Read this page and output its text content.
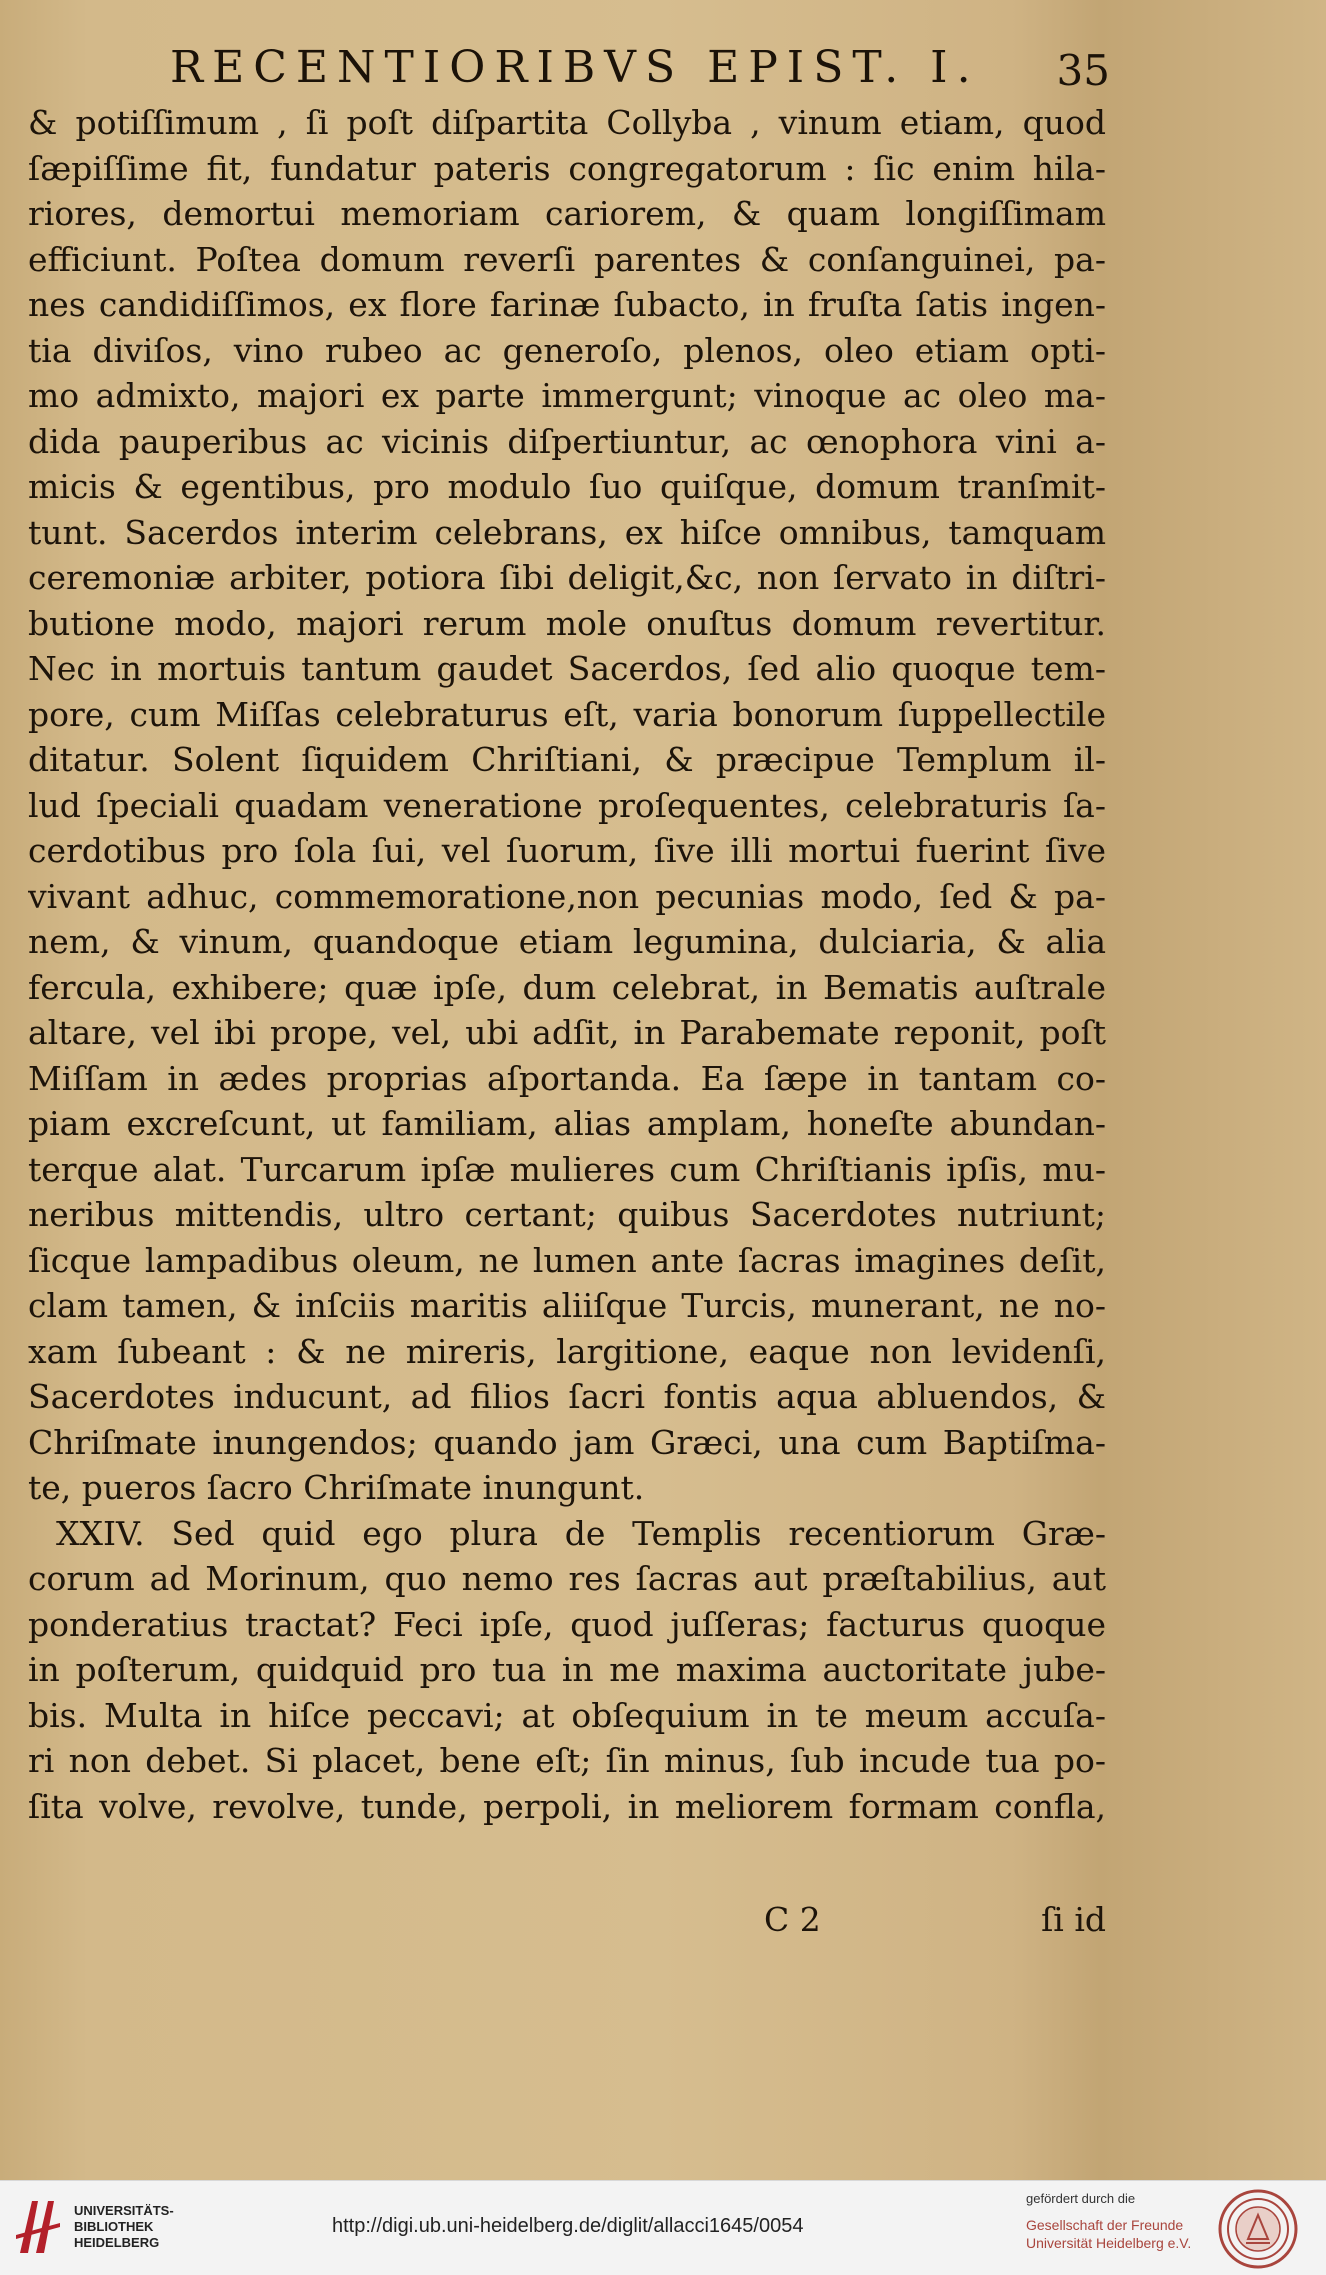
RECENTIORIBVS EPIST. I. 35
& potiſſimum , ſi poſt diſpartita Collyba , vinum etiam, quod
ſæpiſſime fit, fundatur pateris congregatorum : ſic enim hila-
riores, demortui memoriam cariorem, & quam longiſſimam
efficiunt. Poſtea domum reverſi parentes & conſanguinei, pa-
nes candidiſſimos, ex flore farinæ ſubacto, in fruſta ſatis ingen-
tia diviſos, vino rubeo ac generoſo, plenos, oleo etiam opti-
mo admixto, majori ex parte immergunt; vinoque ac oleo ma-
dida pauperibus ac vicinis diſpertiuntur, ac œnophora vini a-
micis & egentibus, pro modulo ſuo quiſque, domum tranſmit-
tunt. Sacerdos interim celebrans, ex hiſce omnibus, tamquam
ceremoniæ arbiter, potiora ſibi deligit,&c, non ſervato in diſtri-
butione modo, majori rerum mole onuſtus domum revertitur.
Nec in mortuis tantum gaudet Sacerdos, ſed alio quoque tem-
pore, cum Miſſas celebraturus eſt, varia bonorum ſuppellectile
ditatur. Solent ſiquidem Chriſtiani, & præcipue Templum il-
lud ſpeciali quadam veneratione proſequentes, celebraturis ſa-
cerdotibus pro ſola ſui, vel ſuorum, ſive illi mortui fuerint ſive
vivant adhuc, commemoratione,non pecunias modo, ſed & pa-
nem, & vinum, quandoque etiam legumina, dulciaria, & alia
fercula, exhibere; quæ ipſe, dum celebrat, in Bematis auſtrale
altare, vel ibi prope, vel, ubi adſit, in Parabemate reponit, poſt
Miſſam in ædes proprias aſportanda. Ea ſæpe in tantam co-
piam excreſcunt, ut familiam, alias amplam, honeſte abundan-
terque alat. Turcarum ipſæ mulieres cum Chriſtianis ipſis, mu-
neribus mittendis, ultro certant; quibus Sacerdotes nutriunt;
ſicque lampadibus oleum, ne lumen ante ſacras imagines deſit,
clam tamen, & inſciis maritis aliiſque Turcis, munerant, ne no-
xam ſubeant : & ne mireris, largitione, eaque non levidenſi,
Sacerdotes inducunt, ad filios ſacri fontis aqua abluendos, &
Chriſmate inungendos; quando jam Græci, una cum Baptiſma-
te, pueros ſacro Chriſmate inungunt.
XXIV. Sed quid ego plura de Templis recentiorum Græ-
corum ad Morinum, quo nemo res ſacras aut præſtabilius, aut
ponderatius tractat? Feci ipſe, quod juſſeras; facturus quoque
in poſterum, quidquid pro tua in me maxima auctoritate jube-
bis. Multa in hiſce peccavi; at obſequium in te meum accuſa-
ri non debet. Si placet, bene eſt; ſin minus, ſub incude tua po-
ſita volve, revolve, tunde, perpoli, in meliorem formam confla,
C 2	ſi id
UNIVERSITÄTS-
BIBLIOTHEK
HEIDELBERG
http://digi.ub.uni-heidelberg.de/diglit/allacci1645/0054
gefördert durch die
Gesellschaft der Freunde
Universität Heidelberg e.V.
